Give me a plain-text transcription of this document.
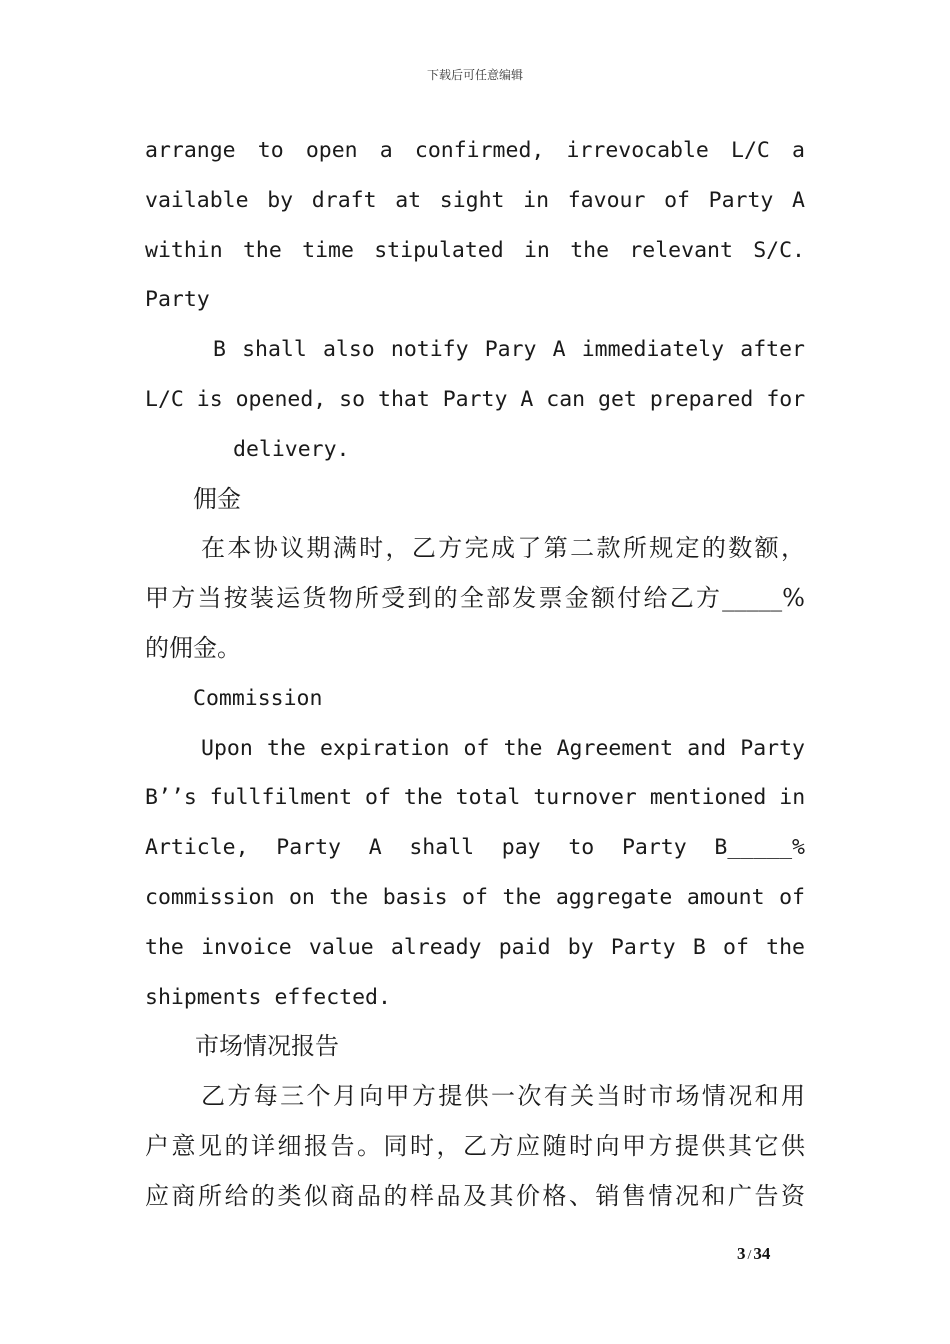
下载后可任意编辑
arrange to open a confirmed, irrevocable L/C a
vailable by draft at sight in favour of Party A
within the time stipulated in the relevant S/C.
Party
B shall also notify Pary A immediately after
L/C is opened, so that Party A can get prepared for
delivery.
佣金
在本协议期满时，乙方完成了第二款所规定的数额，
甲方当按装运货物所受到的全部发票金额付给乙方_____%
的佣金。
Commission
Upon the expiration of the Agreement and Party
B’’s fullfilment of the total turnover mentioned in
Article, Party A shall pay to Party B_____%
commission on the basis of the aggregate amount of
the invoice value already paid by Party B of the
shipments effected.
市场情况报告
乙方每三个月向甲方提供一次有关当时市场情况和用
户意见的详细报告。同时，乙方应随时向甲方提供其它供
应商所给的类似商品的样品及其价格、销售情况和广告资
3 / 34
